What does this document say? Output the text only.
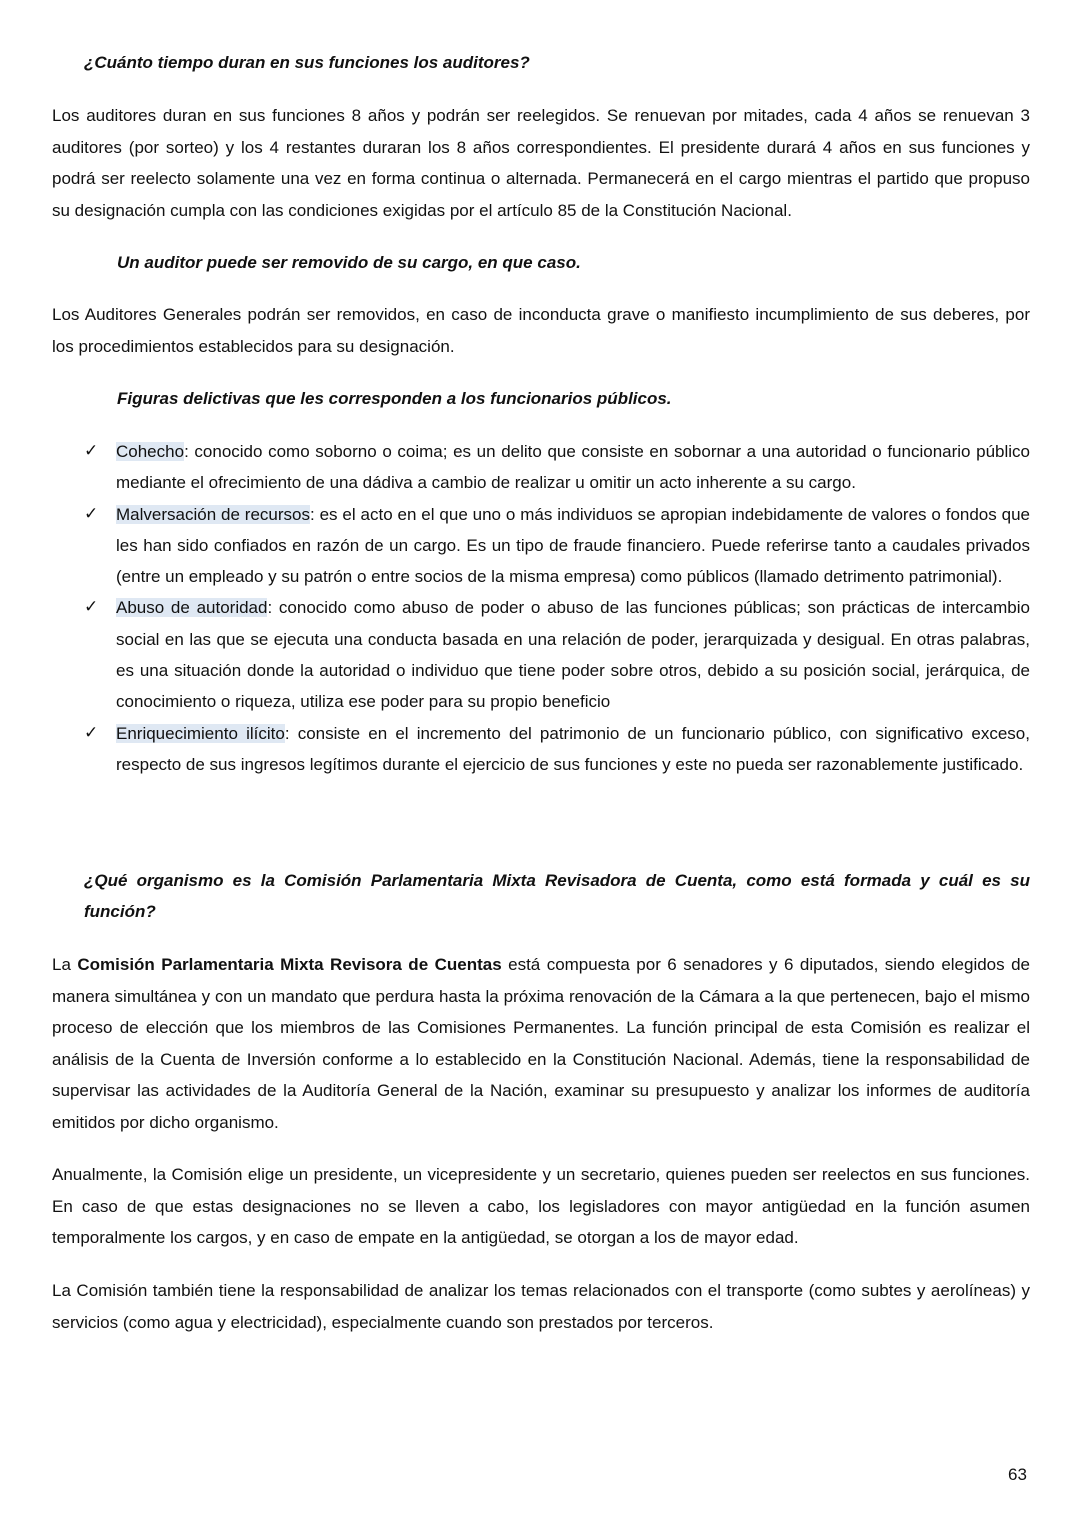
¿Cuánto tiempo duran en sus funciones los auditores?

Los auditores duran en sus funciones 8 años y podrán ser reelegidos. Se renuevan por mitades, cada 4 años se renuevan 3 auditores (por sorteo) y los 4 restantes duraran los 8 años correspondientes. El presidente durará 4 años en sus funciones y podrá ser reelecto solamente una vez en forma continua o alternada. Permanecerá en el cargo mientras el partido que propuso su designación cumpla con las condiciones exigidas por el artículo 85 de la Constitución Nacional.

Un auditor puede ser removido de su cargo, en que caso.

Los Auditores Generales podrán ser removidos, en caso de inconducta grave o manifiesto incumplimiento de sus deberes, por los procedimientos establecidos para su designación.

Figuras delictivas que les corresponden a los funcionarios públicos.

✓ Cohecho: conocido como soborno o coima; es un delito que consiste en sobornar a una autoridad o funcionario público mediante el ofrecimiento de una dádiva a cambio de realizar u omitir un acto inherente a su cargo.
✓ Malversación de recursos: es el acto en el que uno o más individuos se apropian indebidamente de valores o fondos que les han sido confiados en razón de un cargo. Es un tipo de fraude financiero. Puede referirse tanto a caudales privados (entre un empleado y su patrón o entre socios de la misma empresa) como públicos (llamado detrimento patrimonial).
✓ Abuso de autoridad: conocido como abuso de poder o abuso de las funciones públicas; son prácticas de intercambio social en las que se ejecuta una conducta basada en una relación de poder, jerarquizada y desigual. En otras palabras, es una situación donde la autoridad o individuo que tiene poder sobre otros, debido a su posición social, jerárquica, de conocimiento o riqueza, utiliza ese poder para su propio beneficio
✓ Enriquecimiento ilícito: consiste en el incremento del patrimonio de un funcionario público, con significativo exceso, respecto de sus ingresos legítimos durante el ejercicio de sus funciones y este no pueda ser razonablemente justificado.

¿Qué organismo es la Comisión Parlamentaria Mixta Revisadora de Cuenta, como está formada y cuál es su función?

La Comisión Parlamentaria Mixta Revisora de Cuentas está compuesta por 6 senadores y 6 diputados, siendo elegidos de manera simultánea y con un mandato que perdura hasta la próxima renovación de la Cámara a la que pertenecen, bajo el mismo proceso de elección que los miembros de las Comisiones Permanentes. La función principal de esta Comisión es realizar el análisis de la Cuenta de Inversión conforme a lo establecido en la Constitución Nacional. Además, tiene la responsabilidad de supervisar las actividades de la Auditoría General de la Nación, examinar su presupuesto y analizar los informes de auditoría emitidos por dicho organismo.

Anualmente, la Comisión elige un presidente, un vicepresidente y un secretario, quienes pueden ser reelectos en sus funciones. En caso de que estas designaciones no se lleven a cabo, los legisladores con mayor antigüedad en la función asumen temporalmente los cargos, y en caso de empate en la antigüedad, se otorgan a los de mayor edad.

La Comisión también tiene la responsabilidad de analizar los temas relacionados con el transporte (como subtes y aerolíneas) y servicios (como agua y electricidad), especialmente cuando son prestados por terceros.

63
